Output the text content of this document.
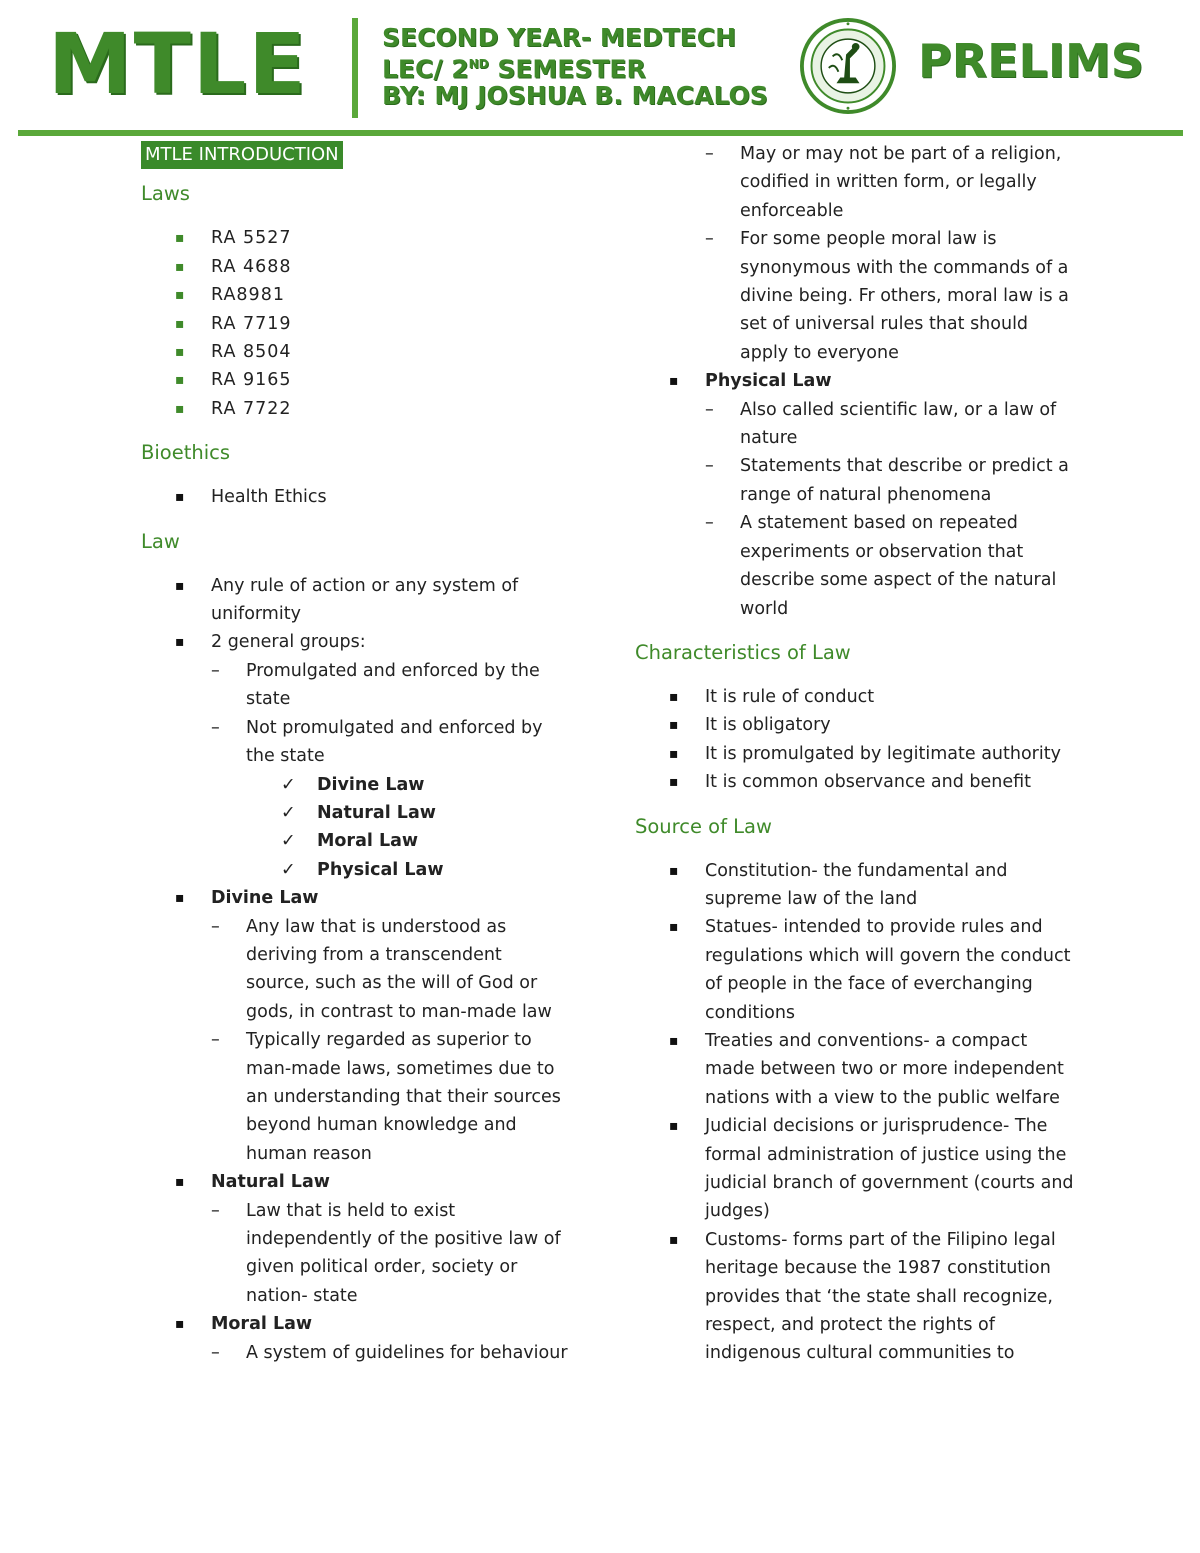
MTLE	SECOND YEAR- MEDTECH
LEC/ 2ND SEMESTER
BY: MJ JOSHUA B. MACALOS
PRELIMS
MTLE INTRODUCTION
Laws
▪ RA 5527
▪ RA 4688
▪ RA8981
▪ RA 7719
▪ RA 8504
▪ RA 9165
▪ RA 7722
Bioethics
▪ Health Ethics
Law
▪ Any rule of action or any system of uniformity
▪ 2 general groups:
– Promulgated and enforced by the state
– Not promulgated and enforced by the state
✓ Divine Law
✓ Natural Law
✓ Moral Law
✓ Physical Law
▪ Divine Law
– Any law that is understood as deriving from a transcendent source, such as the will of God or gods, in contrast to man-made law
– Typically regarded as superior to man-made laws, sometimes due to an understanding that their sources beyond human knowledge and human reason
▪ Natural Law
– Law that is held to exist independently of the positive law of given political order, society or nation- state
▪ Moral Law
– A system of guidelines for behaviour
– May or may not be part of a religion, codified in written form, or legally enforceable
– For some people moral law is synonymous with the commands of a divine being. Fr others, moral law is a set of universal rules that should apply to everyone
▪ Physical Law
– Also called scientific law, or a law of nature
– Statements that describe or predict a range of natural phenomena
– A statement based on repeated experiments or observation that describe some aspect of the natural world
Characteristics of Law
▪ It is rule of conduct
▪ It is obligatory
▪ It is promulgated by legitimate authority
▪ It is common observance and benefit
Source of Law
▪ Constitution- the fundamental and supreme law of the land
▪ Statues- intended to provide rules and regulations which will govern the conduct of people in the face of everchanging conditions
▪ Treaties and conventions- a compact made between two or more independent nations with a view to the public welfare
▪ Judicial decisions or jurisprudence- The formal administration of justice using the judicial branch of government (courts and judges)
▪ Customs- forms part of the Filipino legal heritage because the 1987 constitution provides that ‘the state shall recognize, respect, and protect the rights of indigenous cultural communities to
